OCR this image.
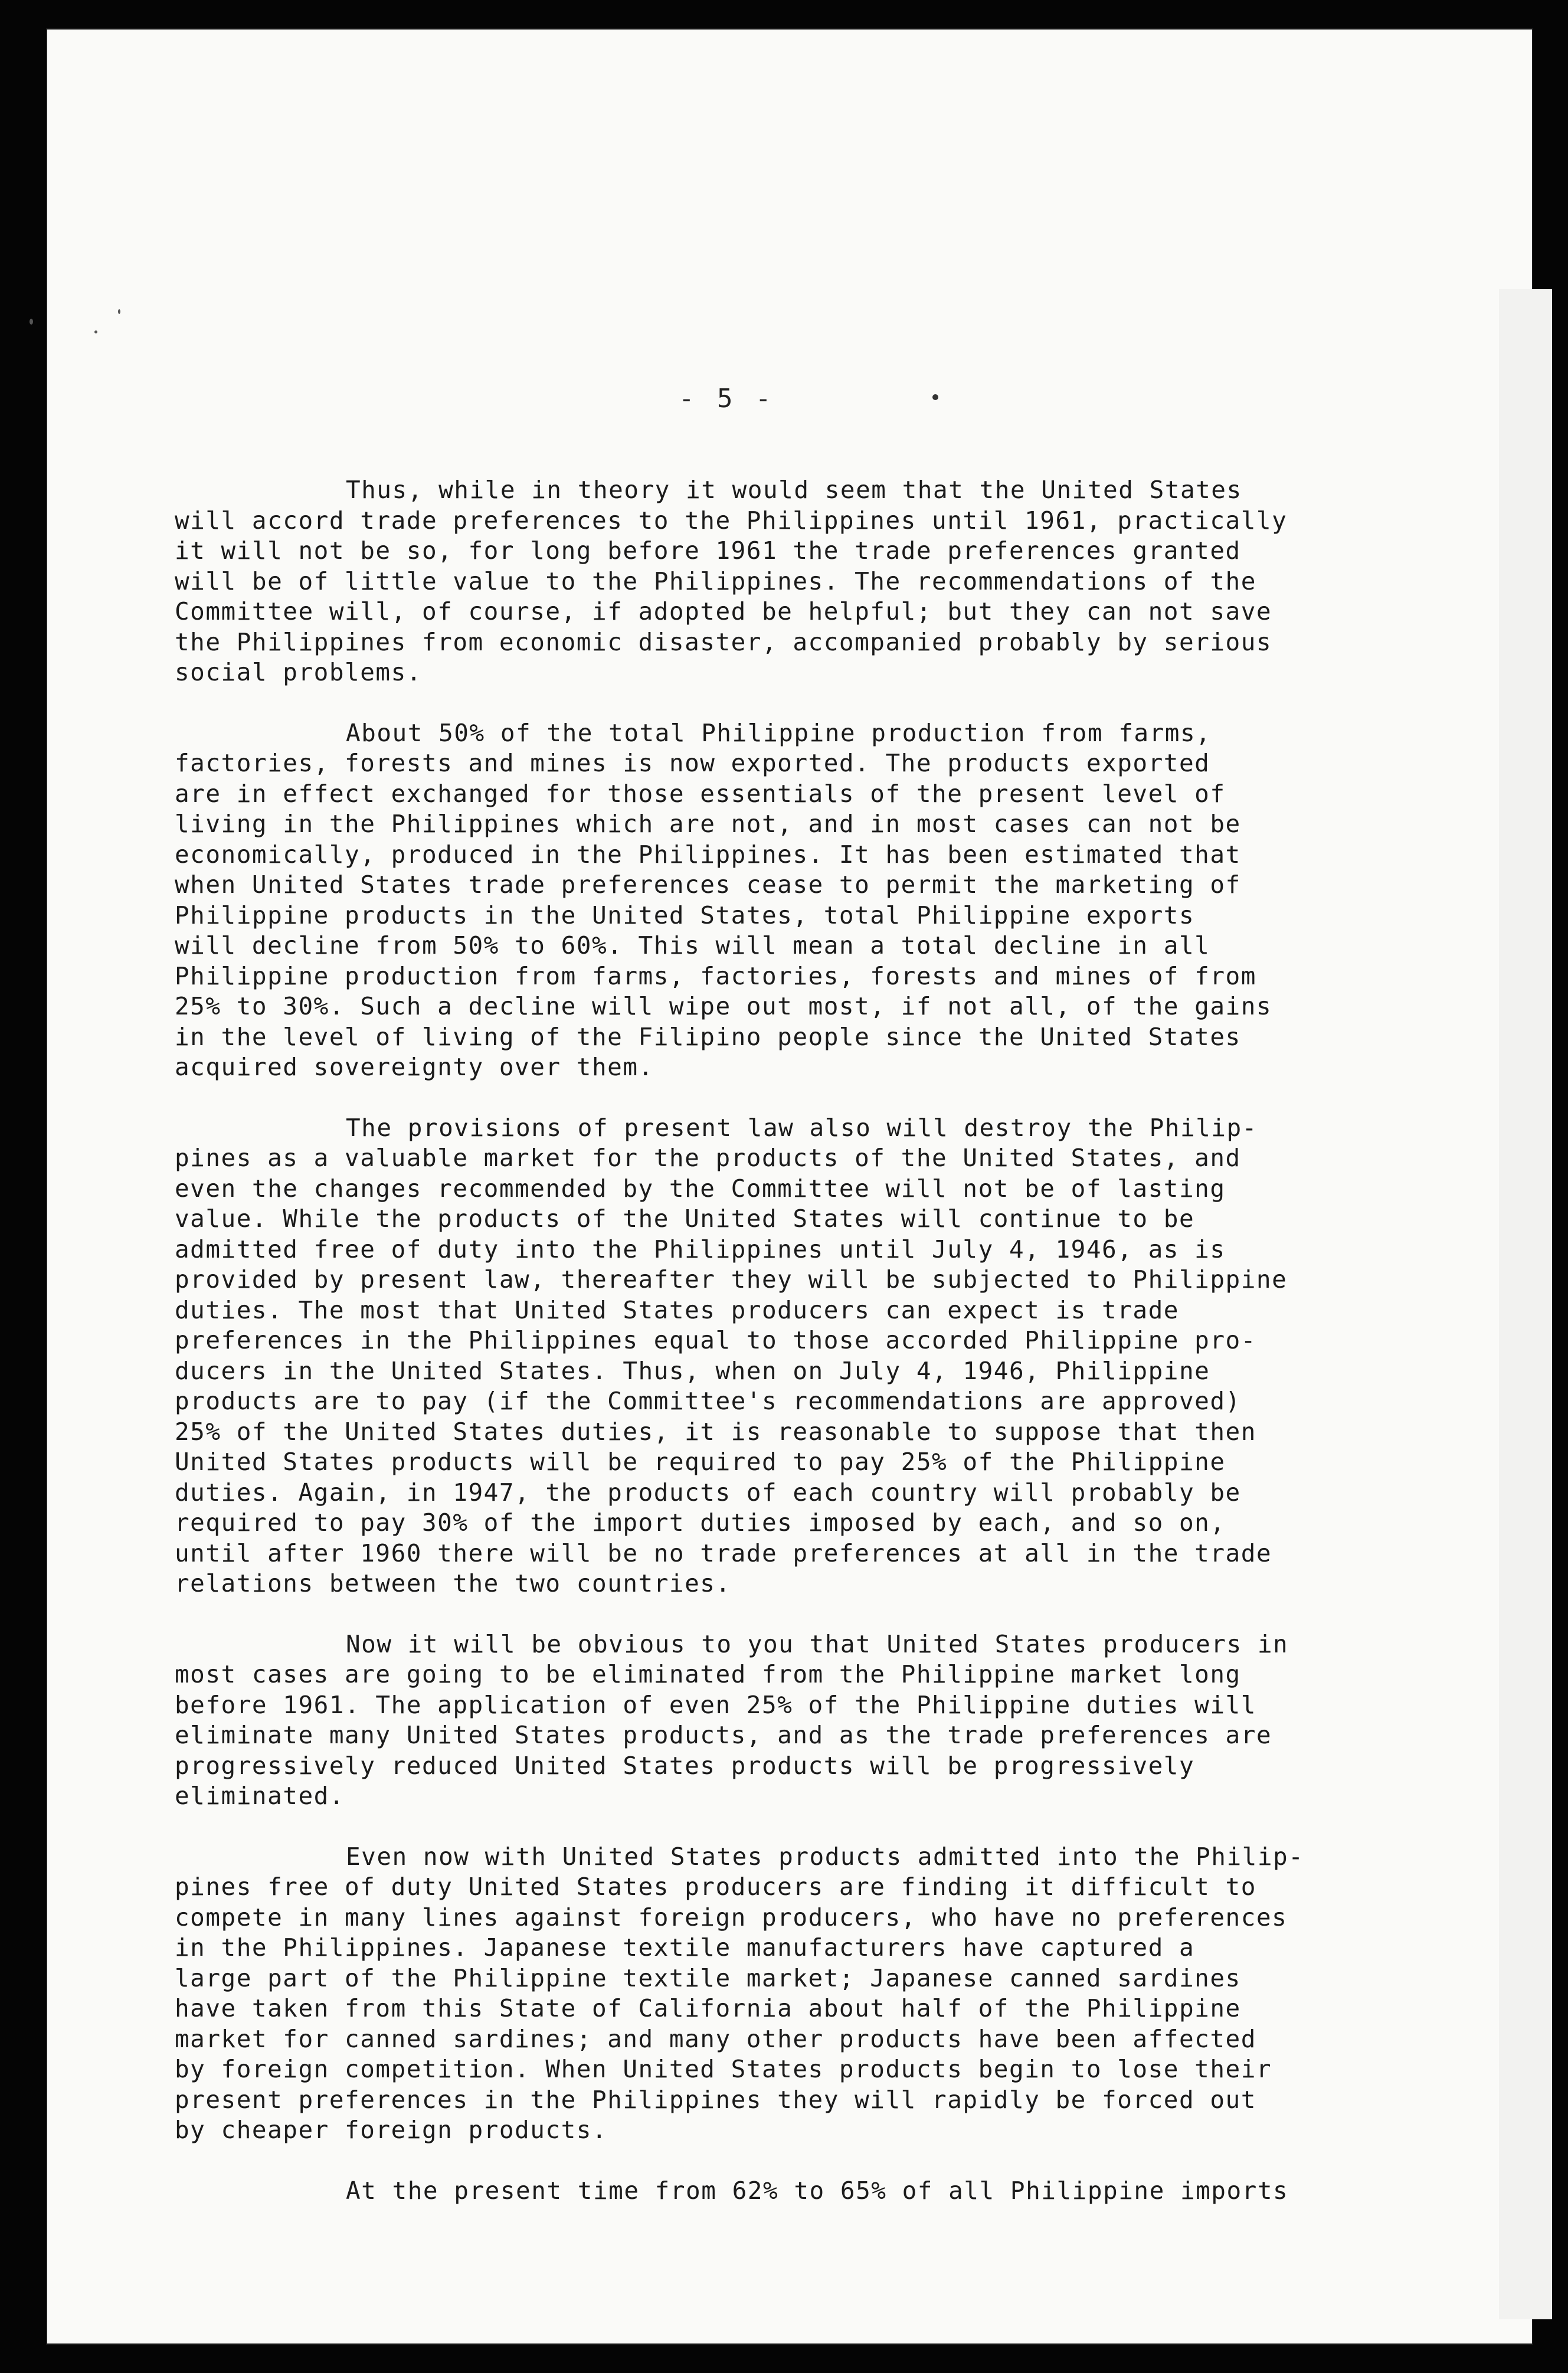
- 5 -
Thus, while in theory it would seem that the United States
will accord trade preferences to the Philippines until 1961, practically
it will not be so, for long before 1961 the trade preferences granted
will be of little value to the Philippines. The recommendations of the
Committee will, of course, if adopted be helpful; but they can not save
the Philippines from economic disaster, accompanied probably by serious
social problems.
About 50% of the total Philippine production from farms,
factories, forests and mines is now exported. The products exported
are in effect exchanged for those essentials of the present level of
living in the Philippines which are not, and in most cases can not be
economically, produced in the Philippines. It has been estimated that
when United States trade preferences cease to permit the marketing of
Philippine products in the United States, total Philippine exports
will decline from 50% to 60%. This will mean a total decline in all
Philippine production from farms, factories, forests and mines of from
25% to 30%. Such a decline will wipe out most, if not all, of the gains
in the level of living of the Filipino people since the United States
acquired sovereignty over them.
The provisions of present law also will destroy the Philip-
pines as a valuable market for the products of the United States, and
even the changes recommended by the Committee will not be of lasting
value. While the products of the United States will continue to be
admitted free of duty into the Philippines until July 4, 1946, as is
provided by present law, thereafter they will be subjected to Philippine
duties. The most that United States producers can expect is trade
preferences in the Philippines equal to those accorded Philippine pro-
ducers in the United States. Thus, when on July 4, 1946, Philippine
products are to pay (if the Committee's recommendations are approved)
25% of the United States duties, it is reasonable to suppose that then
United States products will be required to pay 25% of the Philippine
duties. Again, in 1947, the products of each country will probably be
required to pay 30% of the import duties imposed by each, and so on,
until after 1960 there will be no trade preferences at all in the trade
relations between the two countries.
Now it will be obvious to you that United States producers in
most cases are going to be eliminated from the Philippine market long
before 1961. The application of even 25% of the Philippine duties will
eliminate many United States products, and as the trade preferences are
progressively reduced United States products will be progressively
eliminated.
Even now with United States products admitted into the Philip-
pines free of duty United States producers are finding it difficult to
compete in many lines against foreign producers, who have no preferences
in the Philippines. Japanese textile manufacturers have captured a
large part of the Philippine textile market; Japanese canned sardines
have taken from this State of California about half of the Philippine
market for canned sardines; and many other products have been affected
by foreign competition. When United States products begin to lose their
present preferences in the Philippines they will rapidly be forced out
by cheaper foreign products.
At the present time from 62% to 65% of all Philippine imports
